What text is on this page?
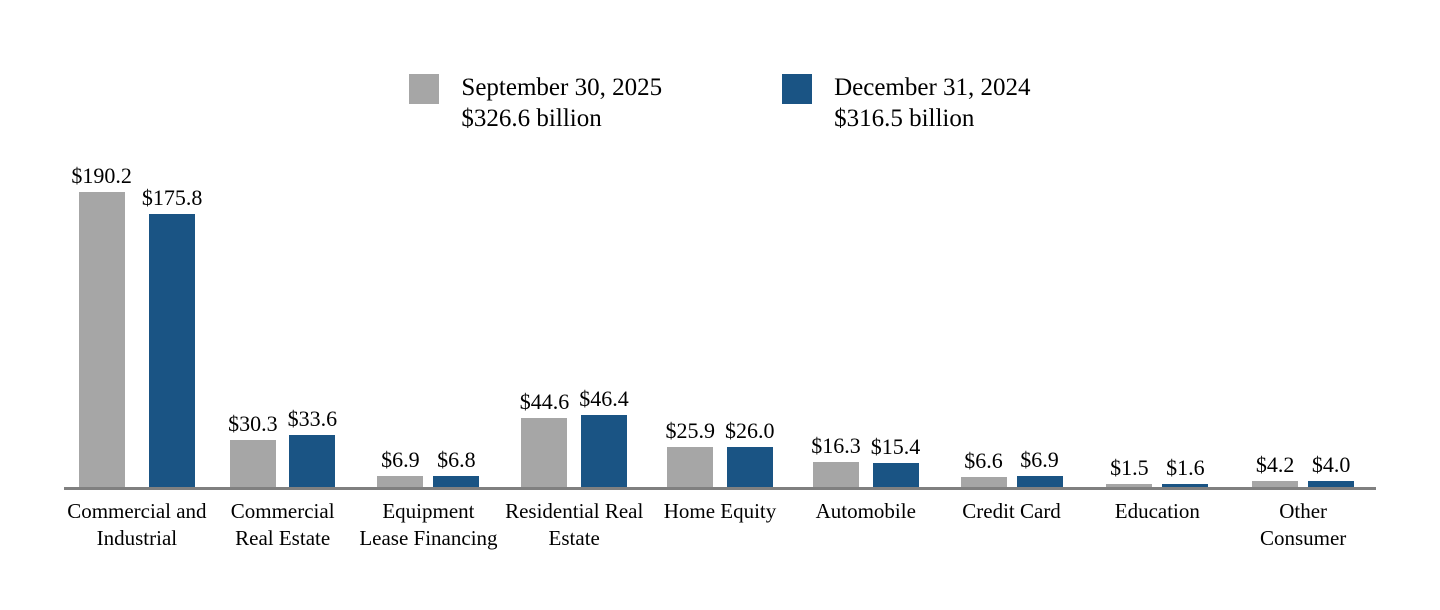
September 30, 2025
$326.6 billion
December 31, 2024
$316.5 billion
$190.2
$175.8
$30.3 $33.6
$6.9 $6.8
$44.6 $46.4
$25.9 $26.0
$16.3 $15.4
$6.6 $6.9 $1.5 $1.6 $4.2 $4.0
Commercial and
Industrial
Commercial
Real Estate
Equipment
Lease Financing
Residential Real
Estate
Home Equity	Automobile	Credit Card	Education	Other
Consumer
